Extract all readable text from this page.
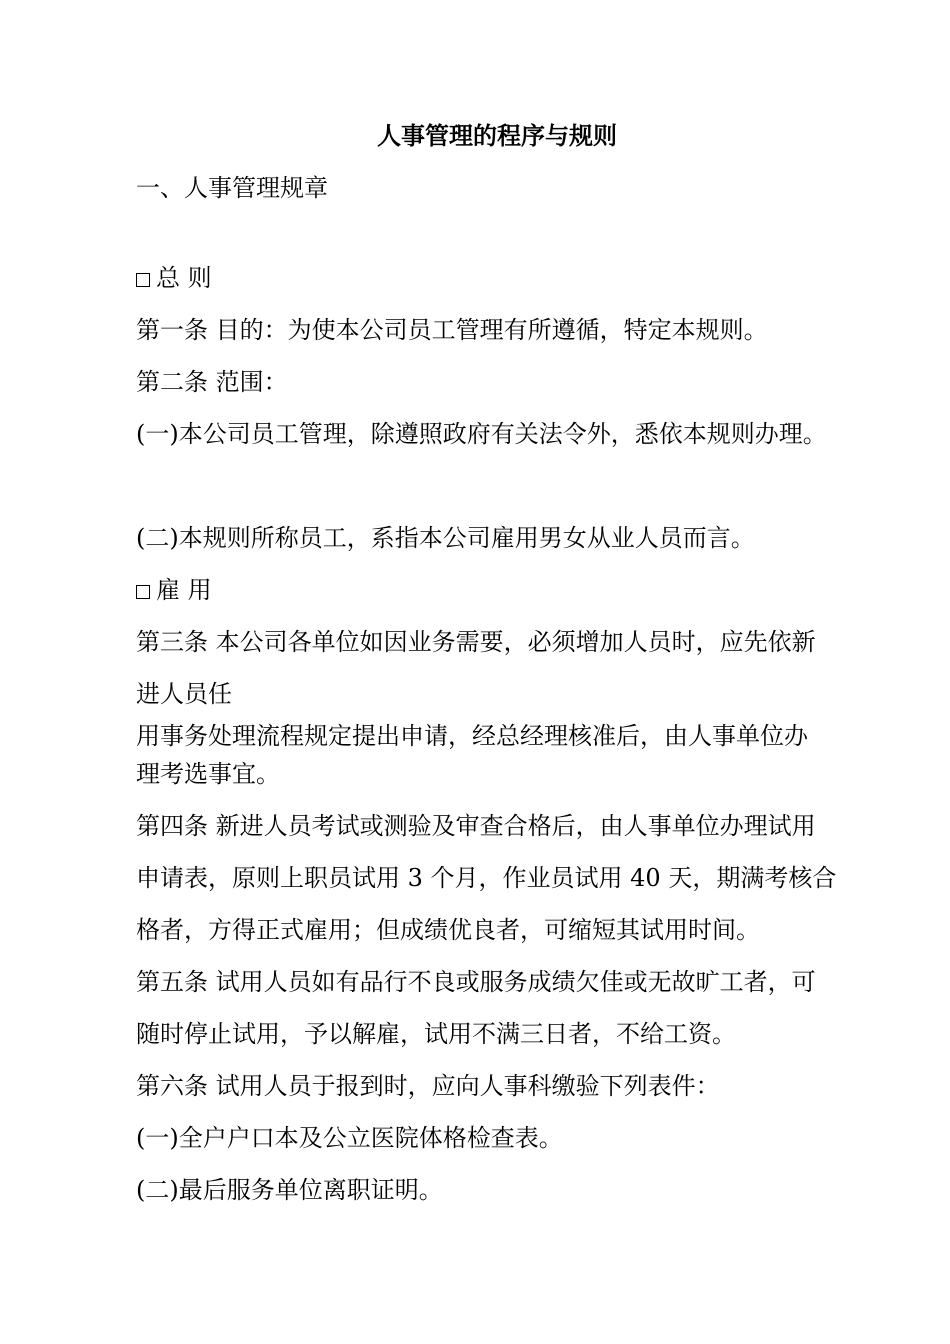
人事管理的程序与规则
一、人事管理规章
总 则
第一条 目的：为使本公司员工管理有所遵循，特定本规则。
第二条 范围：
(一)本公司员工管理，除遵照政府有关法令外，悉依本规则办理。
(二)本规则所称员工，系指本公司雇用男女从业人员而言。
雇 用
第三条 本公司各单位如因业务需要，必须增加人员时，应先依新
进人员任
用事务处理流程规定提出申请，经总经理核准后，由人事单位办
理考选事宜。
第四条 新进人员考试或测验及审查合格后，由人事单位办理试用
申请表，原则上职员试用 3 个月，作业员试用 40 天，期满考核合
格者，方得正式雇用；但成绩优良者，可缩短其试用时间。
第五条 试用人员如有品行不良或服务成绩欠佳或无故旷工者，可
随时停止试用，予以解雇，试用不满三日者，不给工资。
第六条 试用人员于报到时，应向人事科缴验下列表件：
(一)全户户口本及公立医院体格检查表。
(二)最后服务单位离职证明。
